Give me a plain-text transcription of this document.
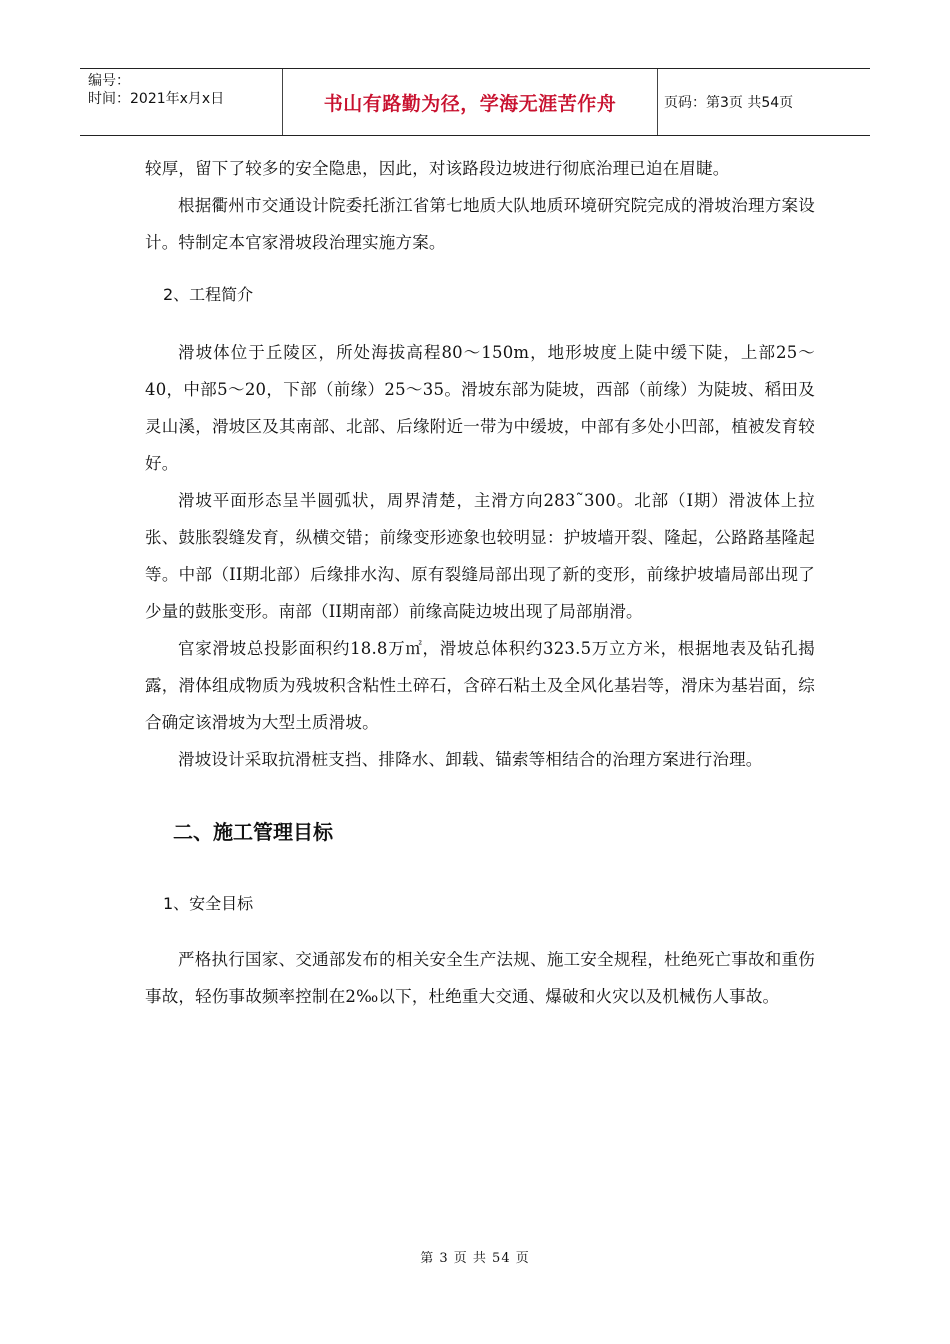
编号：
时间：2021年x月x日	书山有路勤为径，学海无涯苦作舟	页码：第3页 共54页

较厚，留下了较多的安全隐患，因此，对该路段边坡进行彻底治理已迫在眉睫。

根据衢州市交通设计院委托浙江省第七地质大队地质环境研究院完成的滑坡治理方案设计。特制定本官家滑坡段治理实施方案。

2、工程简介

滑坡体位于丘陵区，所处海拔高程80～150m，地形坡度上陡中缓下陡，上部25～40，中部5～20，下部（前缘）25～35。滑坡东部为陡坡，西部（前缘）为陡坡、稻田及灵山溪，滑坡区及其南部、北部、后缘附近一带为中缓坡，中部有多处小凹部，植被发育较好。

滑坡平面形态呈半圆弧状，周界清楚，主滑方向283˜300。北部（I期）滑波体上拉张、鼓胀裂缝发育，纵横交错；前缘变形迹象也较明显：护坡墙开裂、隆起，公路路基隆起等。中部（II期北部）后缘排水沟、原有裂缝局部出现了新的变形，前缘护坡墙局部出现了少量的鼓胀变形。南部（II期南部）前缘高陡边坡出现了局部崩滑。

官家滑坡总投影面积约18.8万㎡，滑坡总体积约323.5万立方米，根据地表及钻孔揭露，滑体组成物质为残坡积含粘性土碎石，含碎石粘土及全风化基岩等，滑床为基岩面，综合确定该滑坡为大型土质滑坡。

滑坡设计采取抗滑桩支挡、排降水、卸载、锚索等相结合的治理方案进行治理。

二、施工管理目标

1、安全目标

严格执行国家、交通部发布的相关安全生产法规、施工安全规程，杜绝死亡事故和重伤事故，轻伤事故频率控制在2‰以下，杜绝重大交通、爆破和火灾以及机械伤人事故。

第 3 页 共 54 页
